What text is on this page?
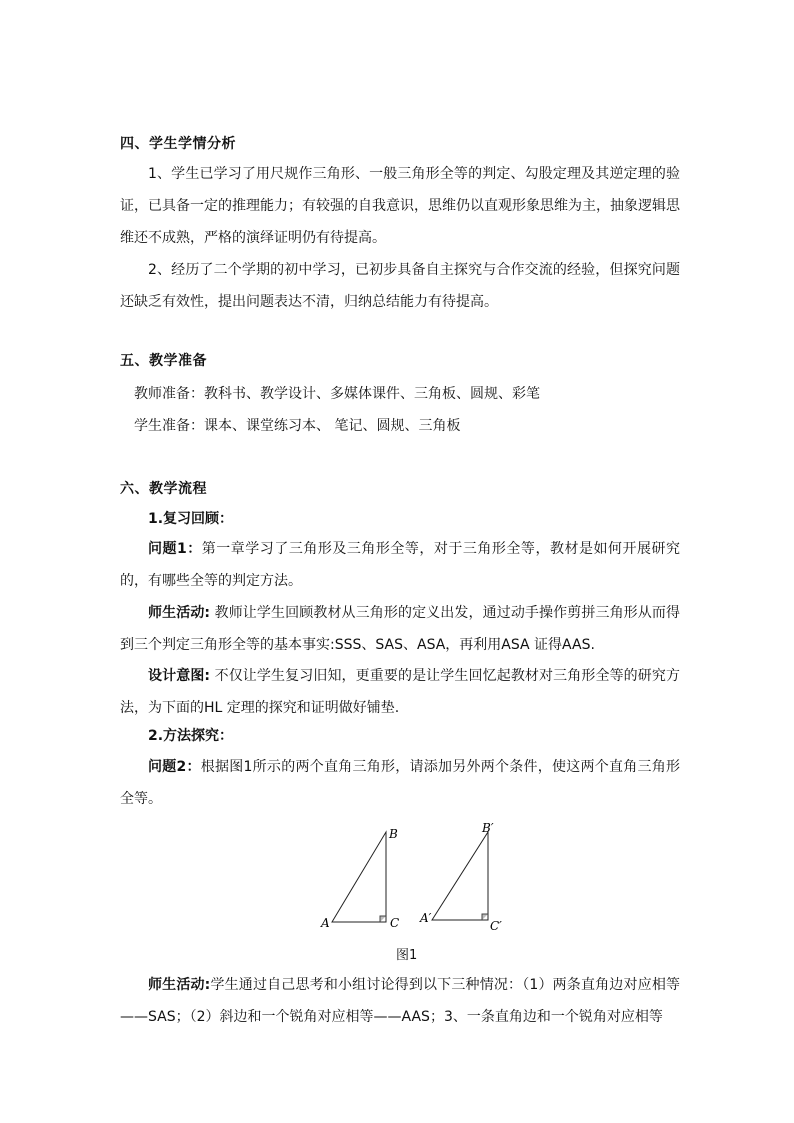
四、学生学情分析
1、学生已学习了用尺规作三角形、一般三角形全等的判定、勾股定理及其逆定理的验证，已具备一定的推理能力；有较强的自我意识，思维仍以直观形象思维为主，抽象逻辑思维还不成熟，严格的演绎证明仍有待提高。
2、经历了二个学期的初中学习，已初步具备自主探究与合作交流的经验，但探究问题还缺乏有效性，提出问题表达不清，归纳总结能力有待提高。
五、教学准备
教师准备：教科书、教学设计、多媒体课件、三角板、圆规、彩笔
学生准备：课本、课堂练习本、 笔记、圆规、三角板
六、教学流程
1.复习回顾：
问题1：第一章学习了三角形及三角形全等，对于三角形全等，教材是如何开展研究的，有哪些全等的判定方法。
师生活动: 教师让学生回顾教材从三角形的定义出发，通过动手操作剪拼三角形从而得到三个判定三角形全等的基本事实:SSS、SAS、ASA，再利用ASA 证得AAS.
设计意图: 不仅让学生复习旧知，更重要的是让学生回忆起教材对三角形全等的研究方法，为下面的HL 定理的探究和证明做好铺垫.
2.方法探究：
问题2：根据图1所示的两个直角三角形，请添加另外两个条件，使这两个直角三角形全等。
A
B
C A′
B′
C′
图1
师生活动:学生通过自己思考和小组讨论得到以下三种情况：（1）两条直角边对应相等——SAS；（2）斜边和一个锐角对应相等——AAS；3、一条直角边和一个锐角对应相等
